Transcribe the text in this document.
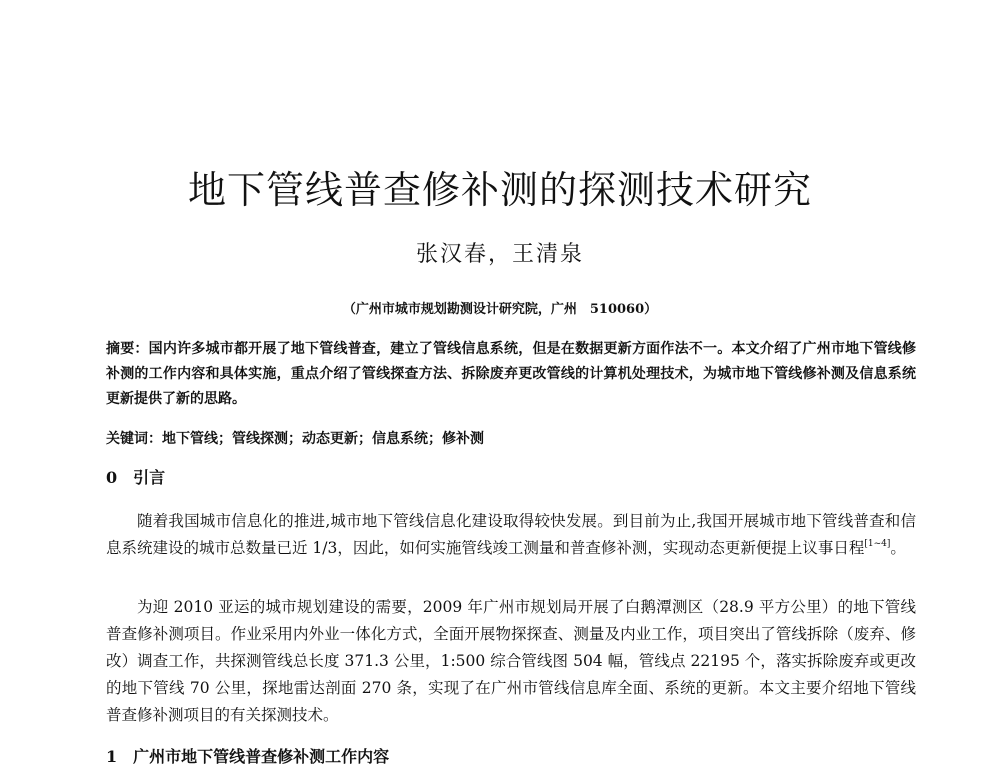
地下管线普查修补测的探测技术研究
张汉春，王清泉
（广州市城市规划勘测设计研究院，广州　510060）

摘要：国内许多城市都开展了地下管线普查，建立了管线信息系统，但是在数据更新方面作法不一。本文介绍了广州市地下管线修补测的工作内容和具体实施，重点介绍了管线探查方法、拆除废弃更改管线的计算机处理技术，为城市地下管线修补测及信息系统更新提供了新的思路。

关键词：地下管线；管线探测；动态更新；信息系统；修补测

0　引言

随着我国城市信息化的推进,城市地下管线信息化建设取得较快发展。到目前为止,我国开展城市地下管线普查和信息系统建设的城市总数量已近 1/3，因此，如何实施管线竣工测量和普查修补测，实现动态更新便提上议事日程[1~4]。

为迎 2010 亚运的城市规划建设的需要，2009 年广州市规划局开展了白鹅潭测区（28.9 平方公里）的地下管线普查修补测项目。作业采用内外业一体化方式，全面开展物探探查、测量及内业工作，项目突出了管线拆除（废弃、修改）调查工作，共探测管线总长度 371.3 公里，1:500 综合管线图 504 幅，管线点 22195 个，落实拆除废弃或更改的地下管线 70 公里，探地雷达剖面 270 条，实现了在广州市管线信息库全面、系统的更新。本文主要介绍地下管线普查修补测项目的有关探测技术。

1　广州市地下管线普查修补测工作内容
